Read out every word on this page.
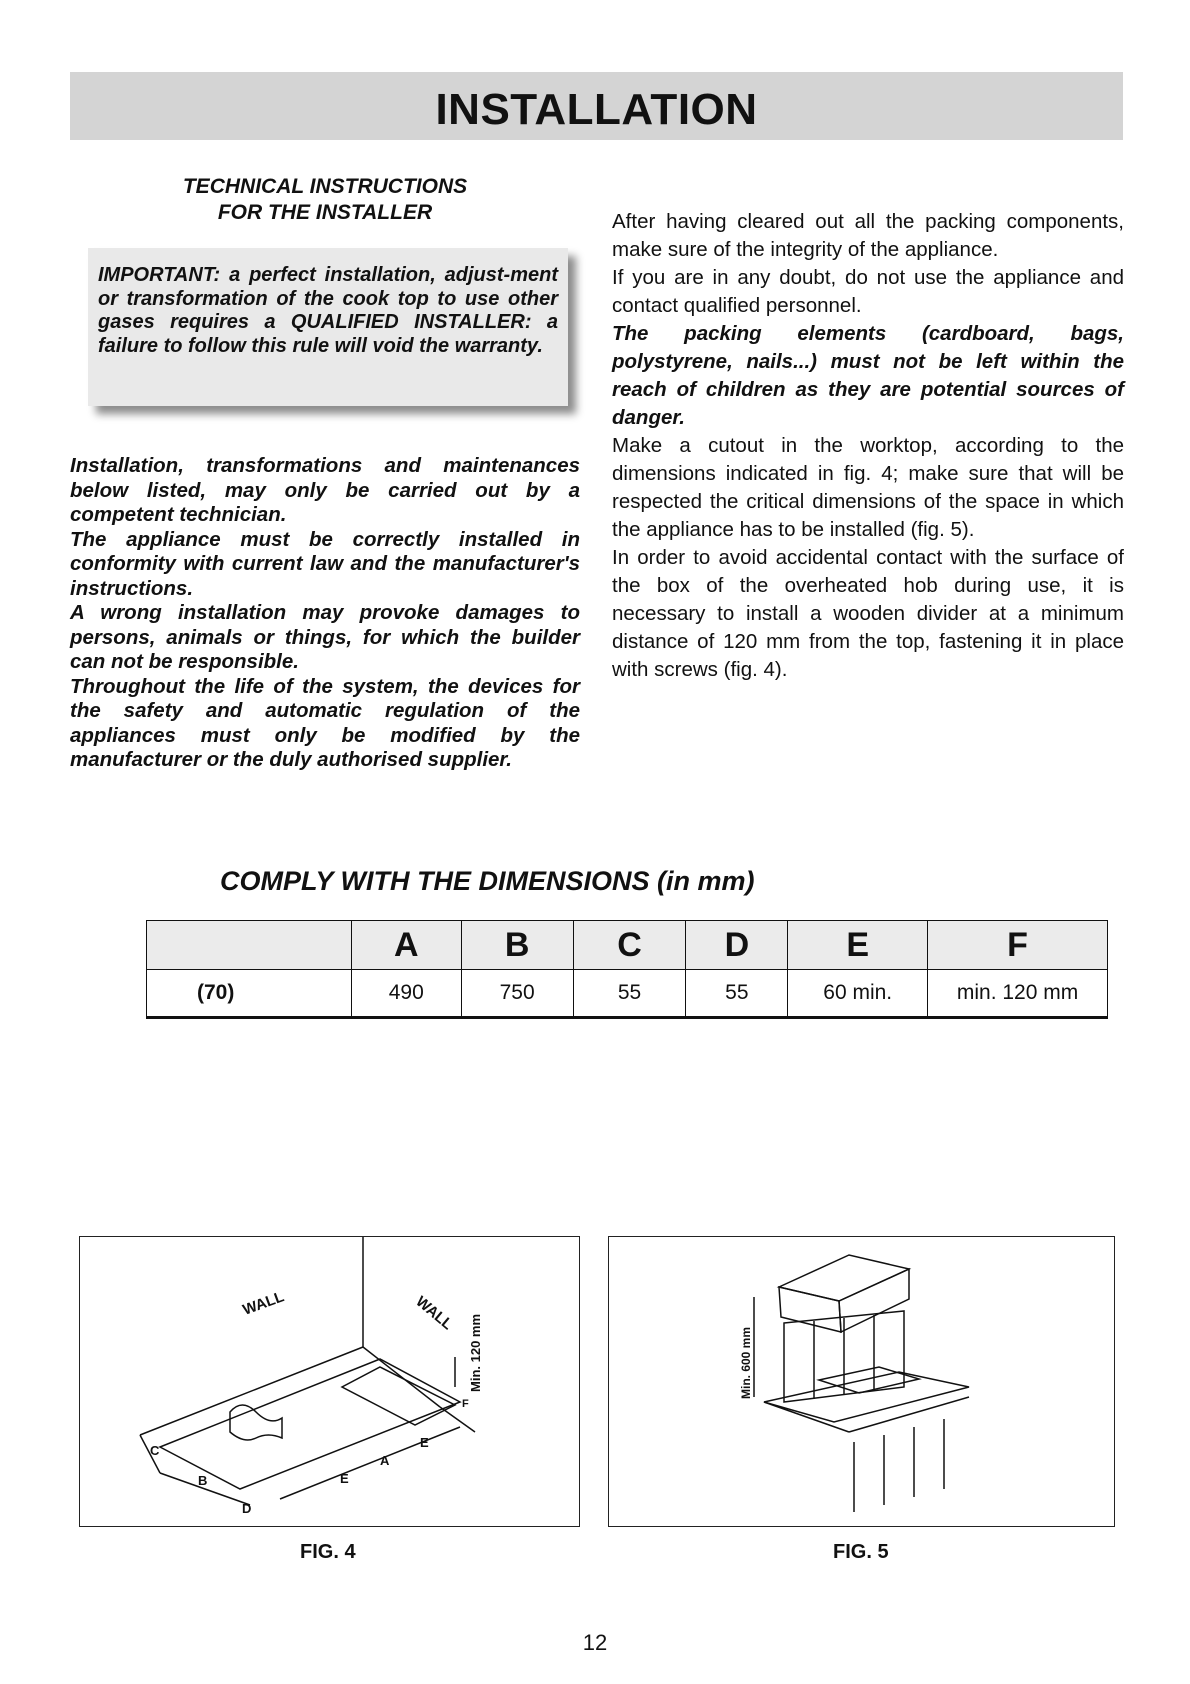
INSTALLATION
TECHNICAL INSTRUCTIONS
FOR THE INSTALLER

IMPORTANT: a perfect installation, adjust-ment or transformation of the cook top to use other gases requires a QUALIFIED INSTALLER: a failure to follow this rule will void the warranty.

Installation, transformations and maintenances below listed, may only be carried out by a competent technician.

The appliance must be correctly installed in conformity with current law and the manufacturer's instructions.

A wrong installation may provoke damages to persons, animals or things, for which the builder can not be responsible.

Throughout the life of the system, the devices for the safety and automatic regulation of the appliances must only be modified by the manufacturer or the duly authorised supplier.

After having cleared out all the packing components, make sure of the integrity of the appliance.

If you are in any doubt, do not use the appliance and contact qualified personnel.

The packing elements (cardboard, bags, polystyrene, nails...) must not be left within the reach of children as they are potential sources of danger.

Make a cutout in the worktop, according to the dimensions indicated in fig. 4; make sure that will be respected the critical dimensions of the space in which the appliance has to be installed (fig. 5).

In order to avoid accidental contact with the surface of the box of the overheated hob during use, it is necessary to install a wooden divider at a minimum distance of 120 mm from the top, fastening it in place with screws (fig. 4).

COMPLY WITH THE DIMENSIONS (in mm)
	A	B	C	D	E	F
(70)	490	750	55	55	60 min.	min. 120 mm
WALL	WALL
Min. 120 mm
C
B
D
E
A
E
F
Min. 600 mm
FIG. 4	FIG. 5
12
